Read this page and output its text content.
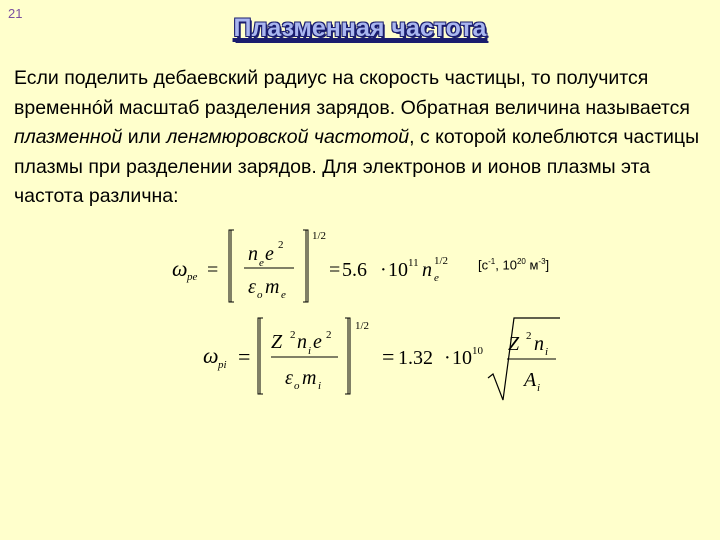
21
Плазменная частота
Если поделить дебаевский радиус на скорость частицы, то получится временнóй масштаб разделения зарядов. Обратная величина называется плазменной или ленгмюровской частотой, с которой колеблются частицы плазмы при разделении зарядов. Для электронов и ионов плазмы эта частота различна:
ω pe =
n e e 2
ε o m e
1/2
= 5.6 · 10 11 n 1/2
e
[$с^{-1}$, $10^{20}$ $м^{-3}$]
ω pi =
Z 2 n i e 2
ε o m i
1/2
= 1.32 · 10 10 Z 2 n i
A i
